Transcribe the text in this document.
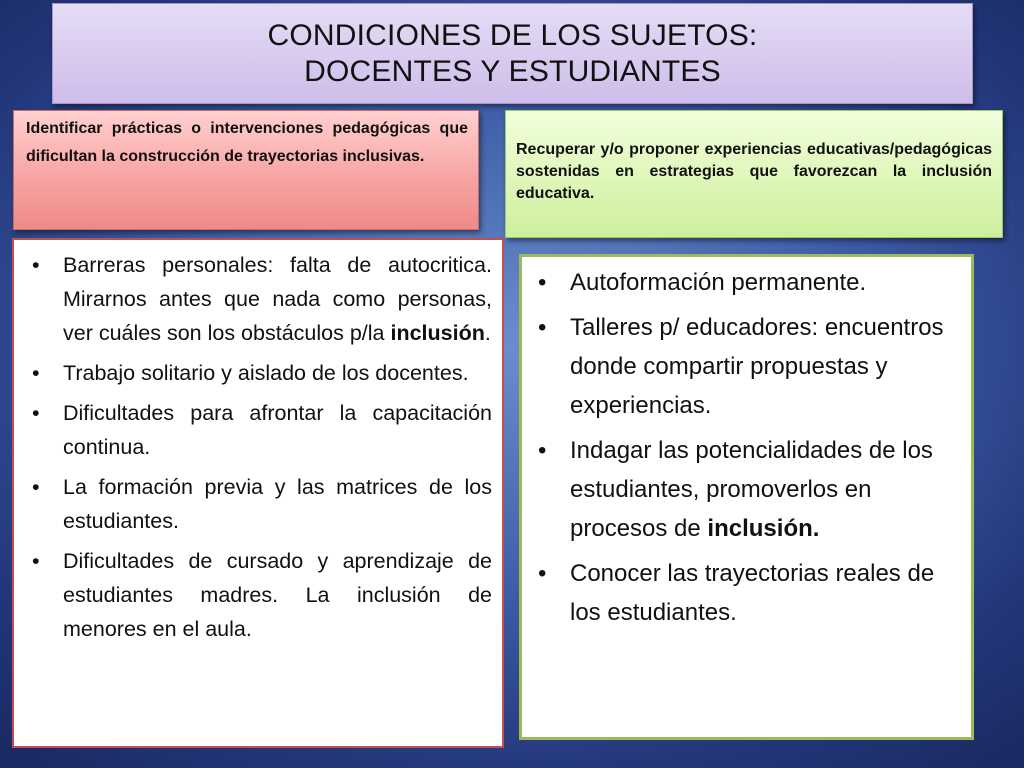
CONDICIONES DE LOS SUJETOS:
DOCENTES Y ESTUDIANTES
Identificar prácticas o intervenciones pedagógicas que dificultan la construcción de trayectorias inclusivas.	Recuperar y/o proponer experiencias educativas/pedagógicas sostenidas en estrategias que favorezcan la inclusión educativa.
• Barreras personales: falta de autocritica. Mirarnos antes que nada como personas, ver cuáles son los obstáculos p/la inclusión.
• Trabajo solitario y aislado de los docentes.
• Dificultades para afrontar la capacitación continua.
• La formación previa y las matrices de los estudiantes.
• Dificultades de cursado y aprendizaje de estudiantes madres. La inclusión de menores en el aula.
• Autoformación permanente.
• Talleres p/ educadores: encuentros donde compartir propuestas y experiencias.
• Indagar las potencialidades de los estudiantes, promoverlos en procesos de inclusión.
• Conocer las trayectorias reales de los estudiantes.
